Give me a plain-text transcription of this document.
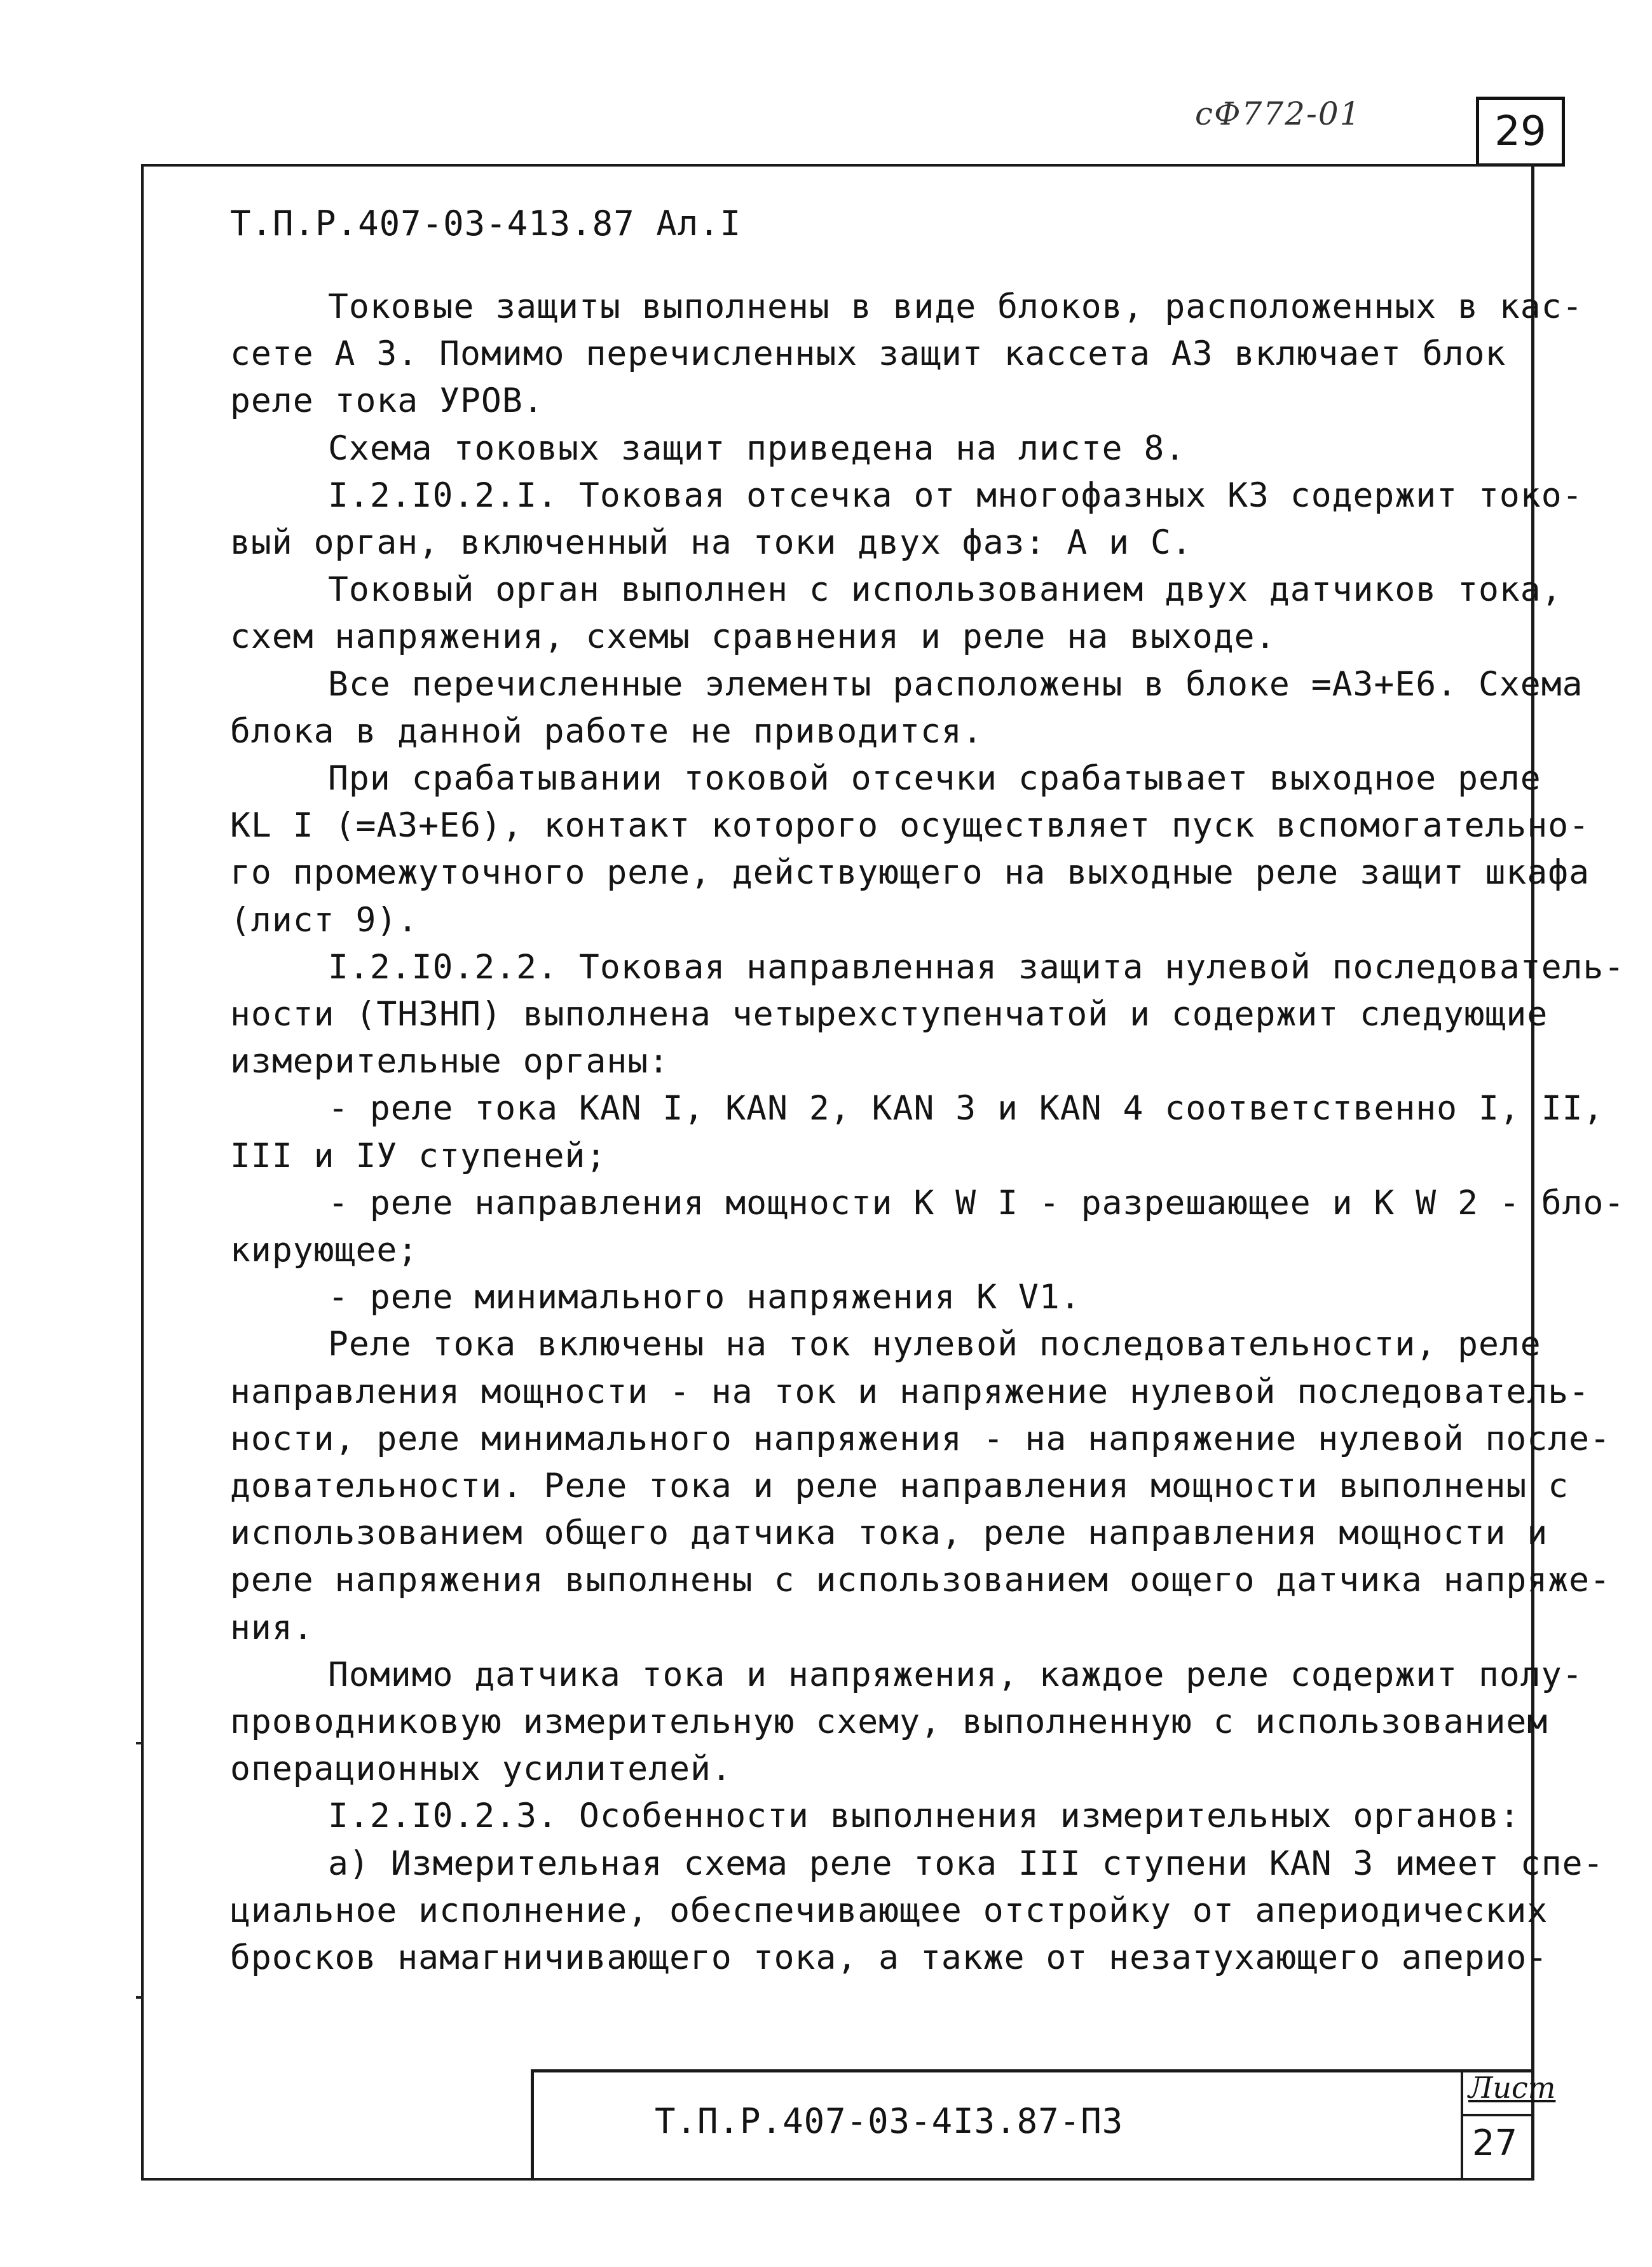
сФ772-01	29
Т.П.Р.407-03-413.87 Ал.I
Токовые защиты выполнены в виде блоков, расположенных в кас-
сете А 3. Помимо перечисленных защит кассета А3 включает блок
реле тока УРОВ.
Схема токовых защит приведена на листе 8.
I.2.I0.2.I. Токовая отсечка от многофазных КЗ содержит токо-
вый орган, включенный на токи двух фаз: А и С.
Токовый орган выполнен с использованием двух датчиков тока,
схем напряжения, схемы сравнения и реле на выходе.
Все перечисленные элементы расположены в блоке =А3+Е6. Схема
блока в данной работе не приводится.
При срабатывании токовой отсечки срабатывает выходное реле
KL I (=А3+Е6), контакт которого осуществляет пуск вспомогательно-
го промежуточного реле, действующего на выходные реле защит шкафа
(лист 9).
I.2.I0.2.2. Токовая направленная защита нулевой последователь-
ности (ТНЗНП) выполнена четырехступенчатой и содержит следующие
измерительные органы:
- реле тока KAN I, KAN 2, KAN 3 и KAN 4 соответственно I, II,
III и IУ ступеней;
- реле направления мощности K W I - разрешающее и K W 2 - бло-
кирующее;
- реле минимального напряжения K V1.
Реле тока включены на ток нулевой последовательности, реле
направления мощности - на ток и напряжение нулевой последователь-
ности, реле минимального напряжения - на напряжение нулевой после-
довательности. Реле тока и реле направления мощности выполнены с
использованием общего датчика тока, реле направления мощности и
реле напряжения выполнены с использованием оощего датчика напряже-
ния.
Помимо датчика тока и напряжения, каждое реле содержит полу-
проводниковую измерительную схему, выполненную с использованием
операционных усилителей.
I.2.I0.2.3. Особенности выполнения измерительных органов:
а) Измерительная схема реле тока III ступени KAN 3 имеет спе-
циальное исполнение, обеспечивающее отстройку от апериодических
бросков намагничивающего тока, а также от незатухающего аперио-
Т.П.Р.407-03-4I3.87-ПЗ
Лист
27
